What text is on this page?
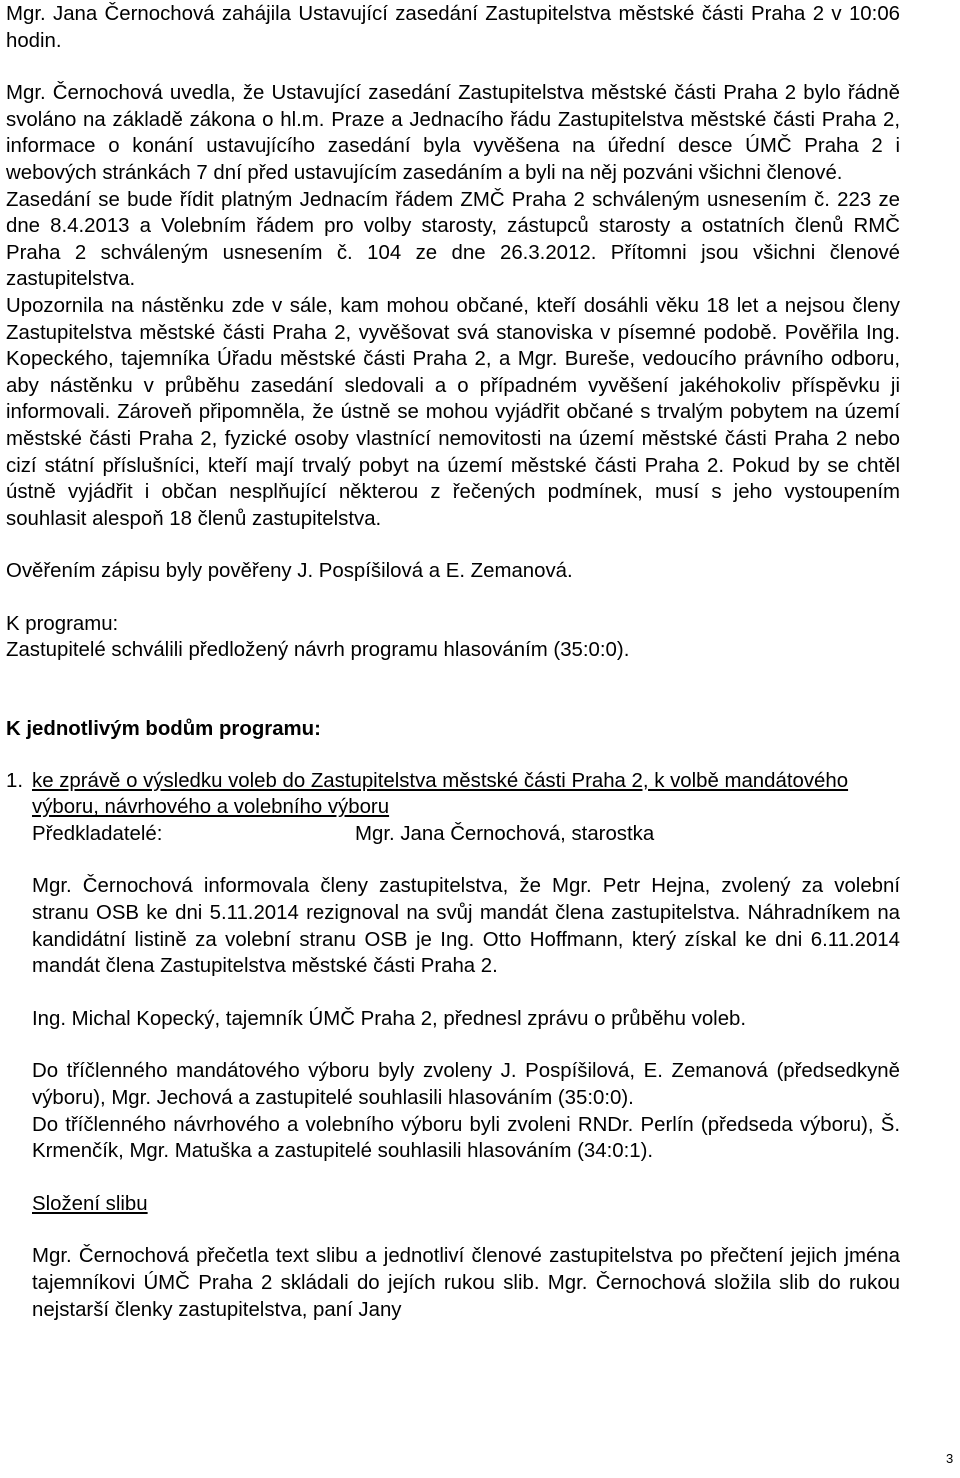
Mgr. Jana Černochová zahájila Ustavující zasedání Zastupitelstva městské části Praha 2 v 10:06 hodin.

Mgr. Černochová uvedla, že Ustavující zasedání Zastupitelstva městské části Praha 2 bylo řádně svoláno na základě zákona o hl.m. Praze a Jednacího řádu Zastupitelstva městské části Praha 2, informace o konání ustavujícího zasedání byla vyvěšena na úřední desce ÚMČ Praha 2 i webových stránkách 7 dní před ustavujícím zasedáním a byli na něj pozváni všichni členové.

Zasedání se bude řídit platným Jednacím řádem ZMČ Praha 2 schváleným usnesením č. 223 ze dne 8.4.2013 a Volebním řádem pro volby starosty, zástupců starosty a ostatních členů RMČ Praha 2 schváleným usnesením č. 104 ze dne 26.3.2012. Přítomni jsou všichni členové zastupitelstva.

Upozornila na nástěnku zde v sále, kam mohou občané, kteří dosáhli věku 18 let a nejsou členy Zastupitelstva městské části Praha 2, vyvěšovat svá stanoviska v písemné podobě. Pověřila Ing. Kopeckého, tajemníka Úřadu městské části Praha 2, a Mgr. Bureše, vedoucího právního odboru, aby nástěnku v průběhu zasedání sledovali a o případném vyvěšení jakéhokoliv příspěvku ji informovali. Zároveň připomněla, že ústně se mohou vyjádřit občané s trvalým pobytem na území městské části Praha 2, fyzické osoby vlastnící nemovitosti na území městské části Praha 2 nebo cizí státní příslušníci, kteří mají trvalý pobyt na území městské části Praha 2. Pokud by se chtěl ústně vyjádřit i občan nesplňující některou z řečených podmínek, musí s jeho vystoupením souhlasit alespoň 18 členů zastupitelstva.

Ověřením zápisu byly pověřeny J. Pospíšilová a E. Zemanová.

K programu:

Zastupitelé schválili předložený návrh programu hlasováním (35:0:0).

K jednotlivým bodům programu:

1. ke zprávě o výsledku voleb do Zastupitelstva městské části Praha 2, k volbě mandátového výboru, návrhového a volebního výboru

Předkladatelé:	Mgr. Jana Černochová, starostka

Mgr. Černochová informovala členy zastupitelstva, že Mgr. Petr Hejna, zvolený za volební stranu OSB ke dni 5.11.2014 rezignoval na svůj mandát člena zastupitelstva. Náhradníkem na kandidátní listině za volební stranu OSB je Ing. Otto Hoffmann, který získal ke dni 6.11.2014 mandát člena Zastupitelstva městské části Praha 2.

Ing. Michal Kopecký, tajemník ÚMČ Praha 2, přednesl zprávu o průběhu voleb.

Do tříčlenného mandátového výboru byly zvoleny J. Pospíšilová, E. Zemanová (předsedkyně výboru), Mgr. Jechová a zastupitelé souhlasili hlasováním (35:0:0).

Do tříčlenného návrhového a volebního výboru byli zvoleni RNDr. Perlín (předseda výboru), Š. Krmenčík, Mgr. Matuška a zastupitelé souhlasili hlasováním (34:0:1).

Složení slibu

Mgr. Černochová přečetla text slibu a jednotliví členové zastupitelstva po přečtení jejich jména tajemníkovi ÚMČ Praha 2 skládali do jejích rukou slib. Mgr. Černochová složila slib do rukou nejstarší členky zastupitelstva, paní Jany

3
